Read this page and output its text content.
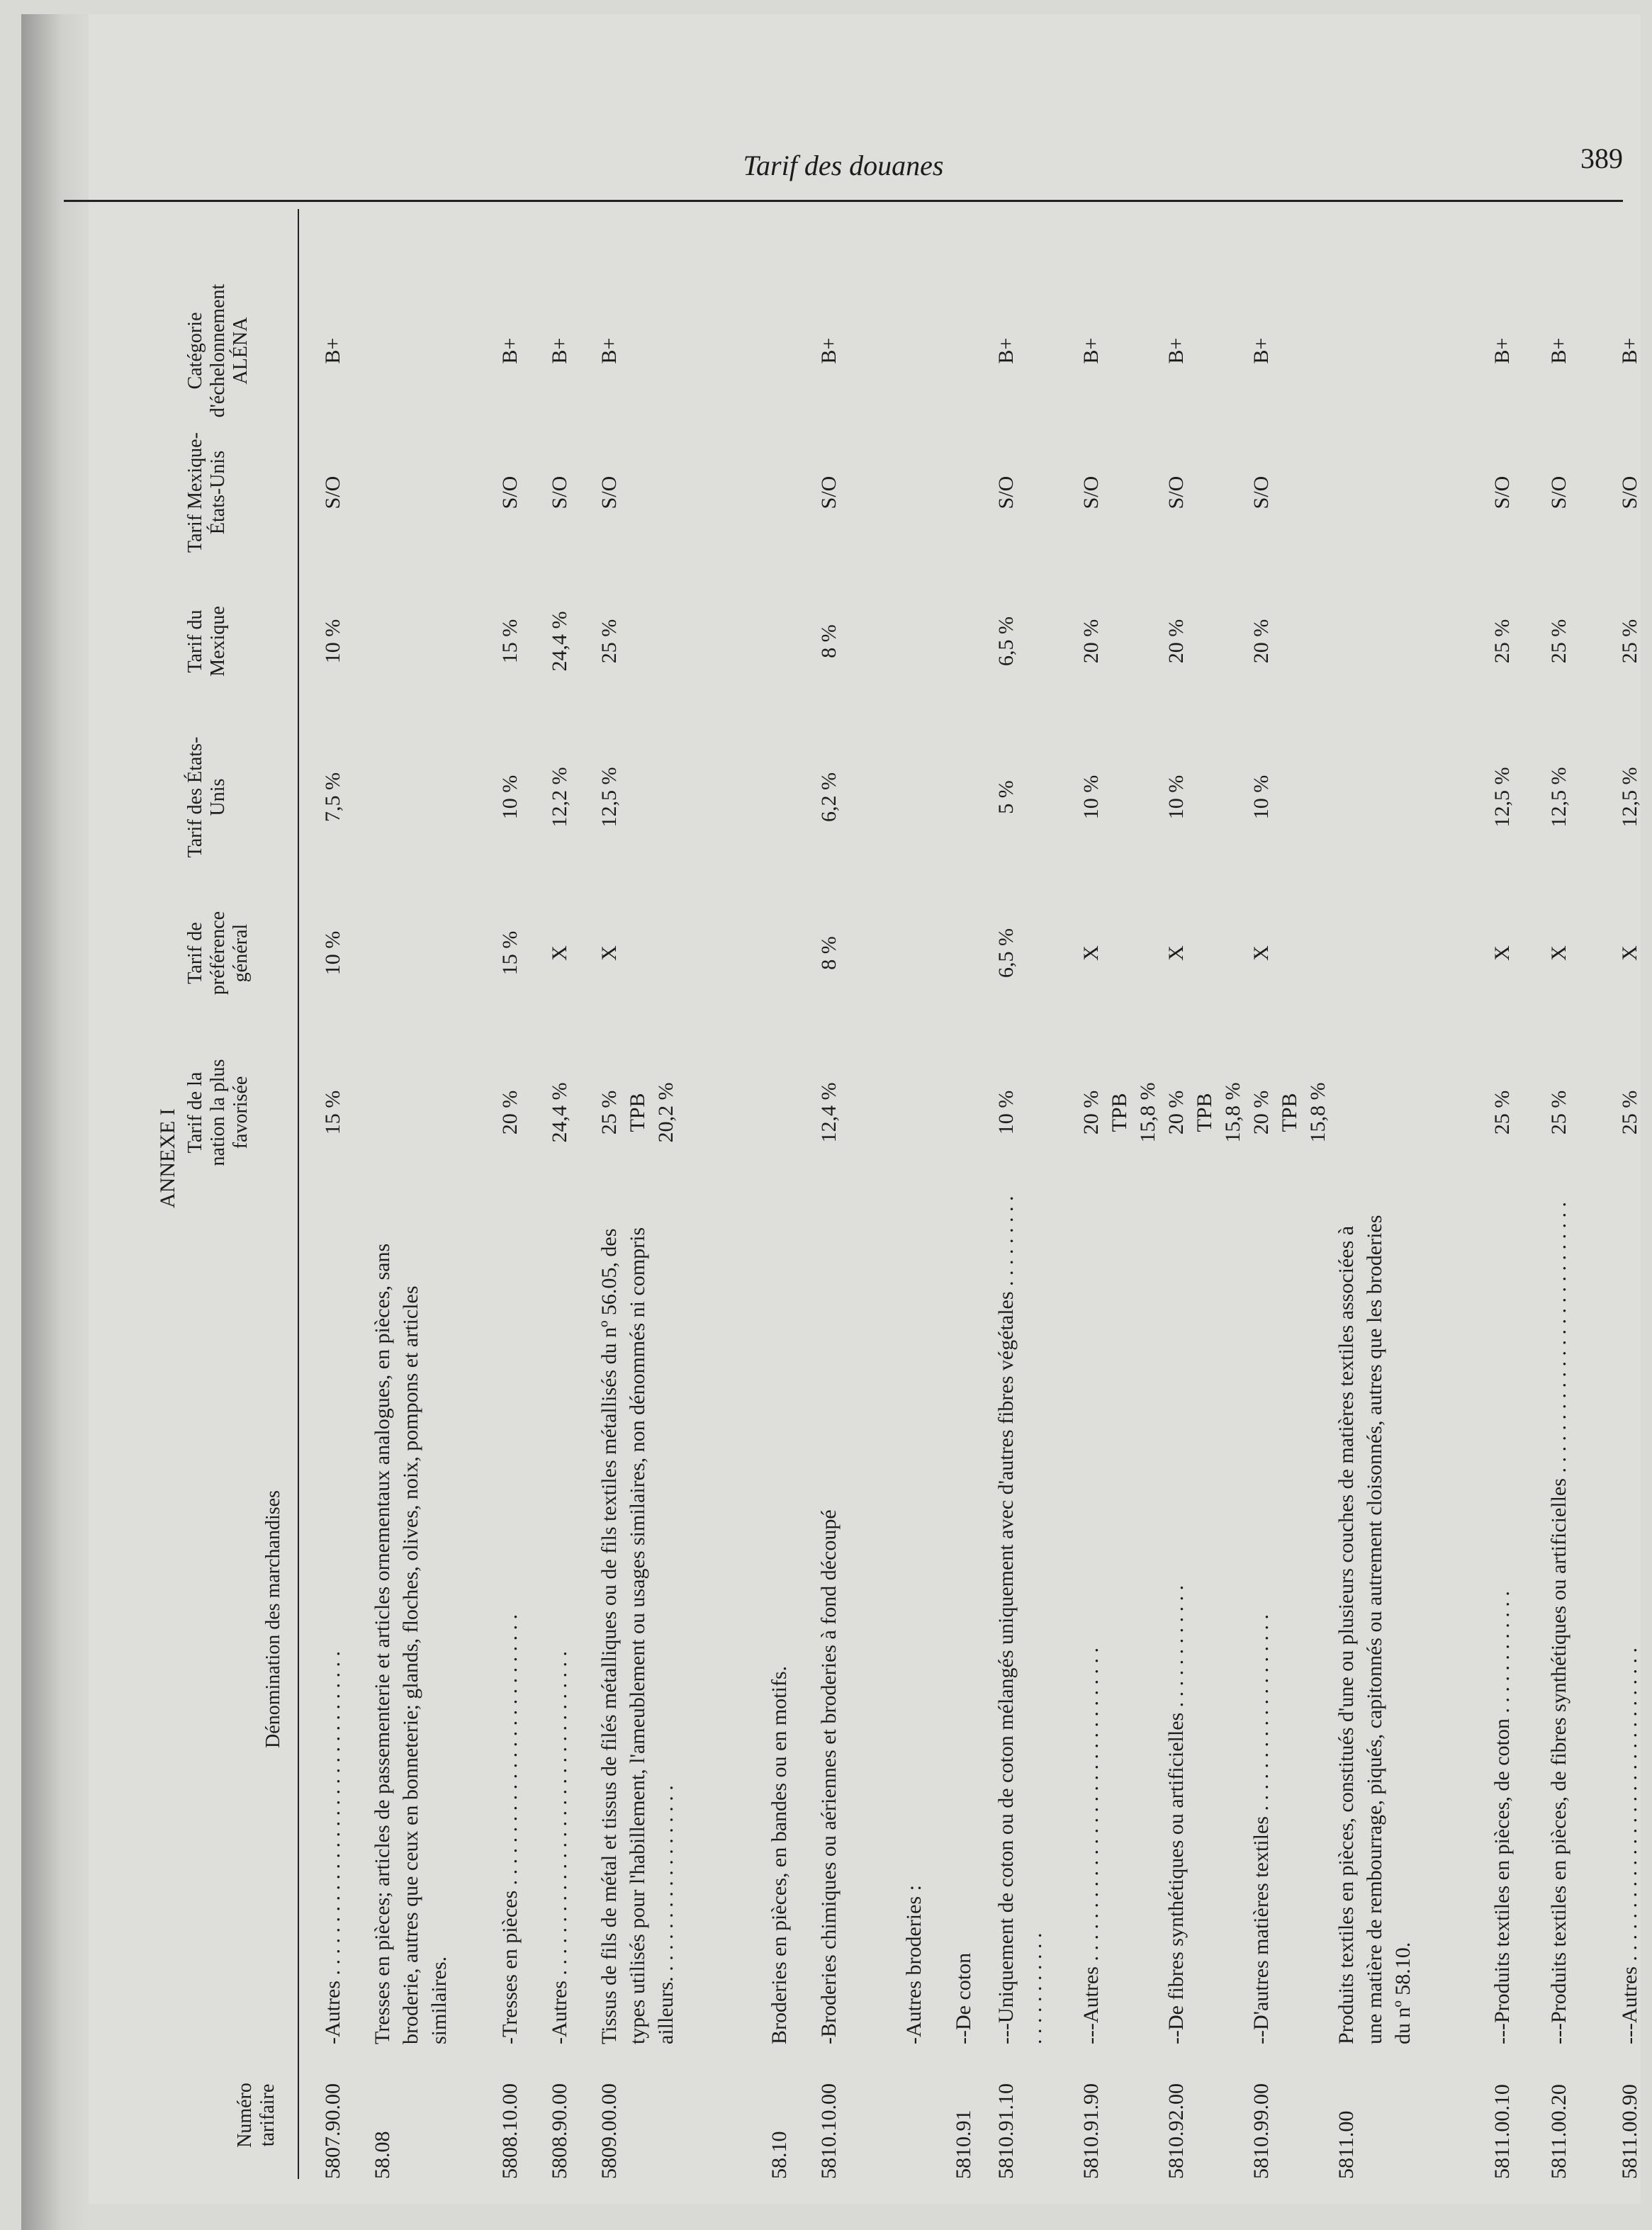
Tarif des douanes	389
ANNEXE I
Numéro tarifaire
Dénomination des marchandises
Tarif de la nation la plus favorisée
Tarif de préférence général
Tarif des États-Unis
Tarif du Mexique
Tarif Mexique-États-Unis
Catégorie d'échelonnement ALÉNA
5807.90.00
-Autres . . . . . . . . . . . . . . . . . . . . . . . . . . . . . . .
15 %
10 %
7,5 %
10 %
S/O
B+
58.08
Tresses en pièces; articles de passementerie et articles ornementaux analogues, en pièces, sans broderie, autres que ceux en bonneterie; glands, floches, olives, noix, pompons et articles similaires.
5808.10.00
-Tresses en pièces . . . . . . . . . . . . . . . . . . . . . . . . . .
20 %
15 %
10 %
15 %
S/O
B+
5808.90.00
-Autres . . . . . . . . . . . . . . . . . . . . . . . . . . . . . . .
24,4 %
X
12,2 %
24,4 %
S/O
B+
5809.00.00
Tissus de fils de métal et tissus de filés métalliques ou de fils textiles métallisés du nº 56.05, des types utilisés pour l'habillement, l'ameublement ou usages similaires, non dénommés ni compris ailleurs. . . . . . . . . . . . . . . . . . .
25 %
TPB
20,2 %
X
12,5 %
25 %
S/O
B+
58.10
Broderies en pièces, en bandes ou en motifs.
5810.10.00
-Broderies chimiques ou aériennes et broderies à fond découpé
12,4 %
8 %
6,2 %
8 %
S/O
B+
-Autres broderies :
5810.91
--De coton
5810.91.10
---Uniquement de coton ou de coton mélangés uniquement avec d'autres fibres végétales . . . . . . . . . . . . . . . . . . . .
10 %
6,5 %
5 %
6,5 %
S/O
B+
5810.91.90
---Autres . . . . . . . . . . . . . . . . . . . . . . . . . . . . . .
20 %
TPB
15,8 %
X
10 %
20 %
S/O
B+
5810.92.00
--De fibres synthétiques ou artificielles . . . . . . . . . . . .
20 %
TPB
15,8 %
X
10 %
20 %
S/O
B+
5810.99.00
--D'autres matières textiles . . . . . . . . . . . . . . . . . . .
20 %
TPB
15,8 %
X
10 %
20 %
S/O
B+
5811.00
Produits textiles en pièces, constitués d'une ou plusieurs couches de matières textiles associées à une matière de rembourrage, piqués, capitonnés ou autrement cloisonnés, autres que les broderies du nº 58.10.
5811.00.10
---Produits textiles en pièces, de coton . . . . . . . . . . . .
25 %
X
12,5 %
25 %
S/O
B+
5811.00.20
---Produits textiles en pièces, de fibres synthétiques ou artificielles . . . . . . . . . . . . . . . . . . . . . . . . . .
25 %
X
12,5 %
25 %
S/O
B+
5811.00.90
---Autres . . . . . . . . . . . . . . . . . . . . . . . . . . . . . .
25 %
X
12,5 %
25 %
S/O
B+
